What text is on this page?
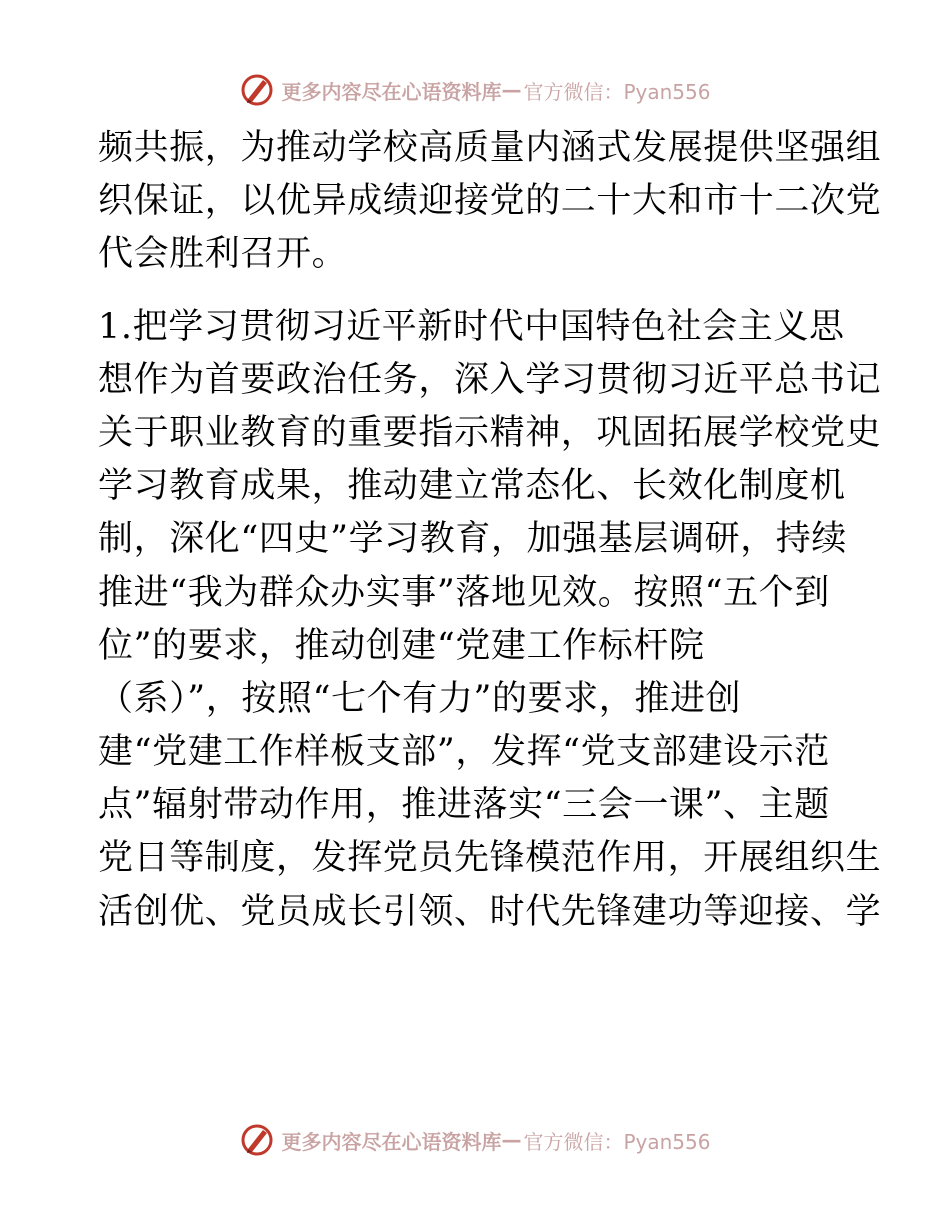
更多内容尽在心语资料库 — 官方微信：Pyan556
频共振，为推动学校高质量内涵式发展提供坚强组
织保证，以优异成绩迎接党的二十大和市十二次党
代会胜利召开。
1.把学习贯彻习近平新时代中国特色社会主义思
想作为首要政治任务，深入学习贯彻习近平总书记
关于职业教育的重要指示精神，巩固拓展学校党史
学习教育成果，推动建立常态化、长效化制度机
制，深化“四史”学习教育，加强基层调研，持续
推进“我为群众办实事”落地见效。按照“五个到
位”的要求，推动创建“党建工作标杆院
（系）”，按照“七个有力”的要求，推进创
建“党建工作样板支部”，发挥“党支部建设示范
点”辐射带动作用，推进落实“三会一课”、主题
党日等制度，发挥党员先锋模范作用，开展组织生
活创优、党员成长引领、时代先锋建功等迎接、学
更多内容尽在心语资料库 — 官方微信：Pyan556
